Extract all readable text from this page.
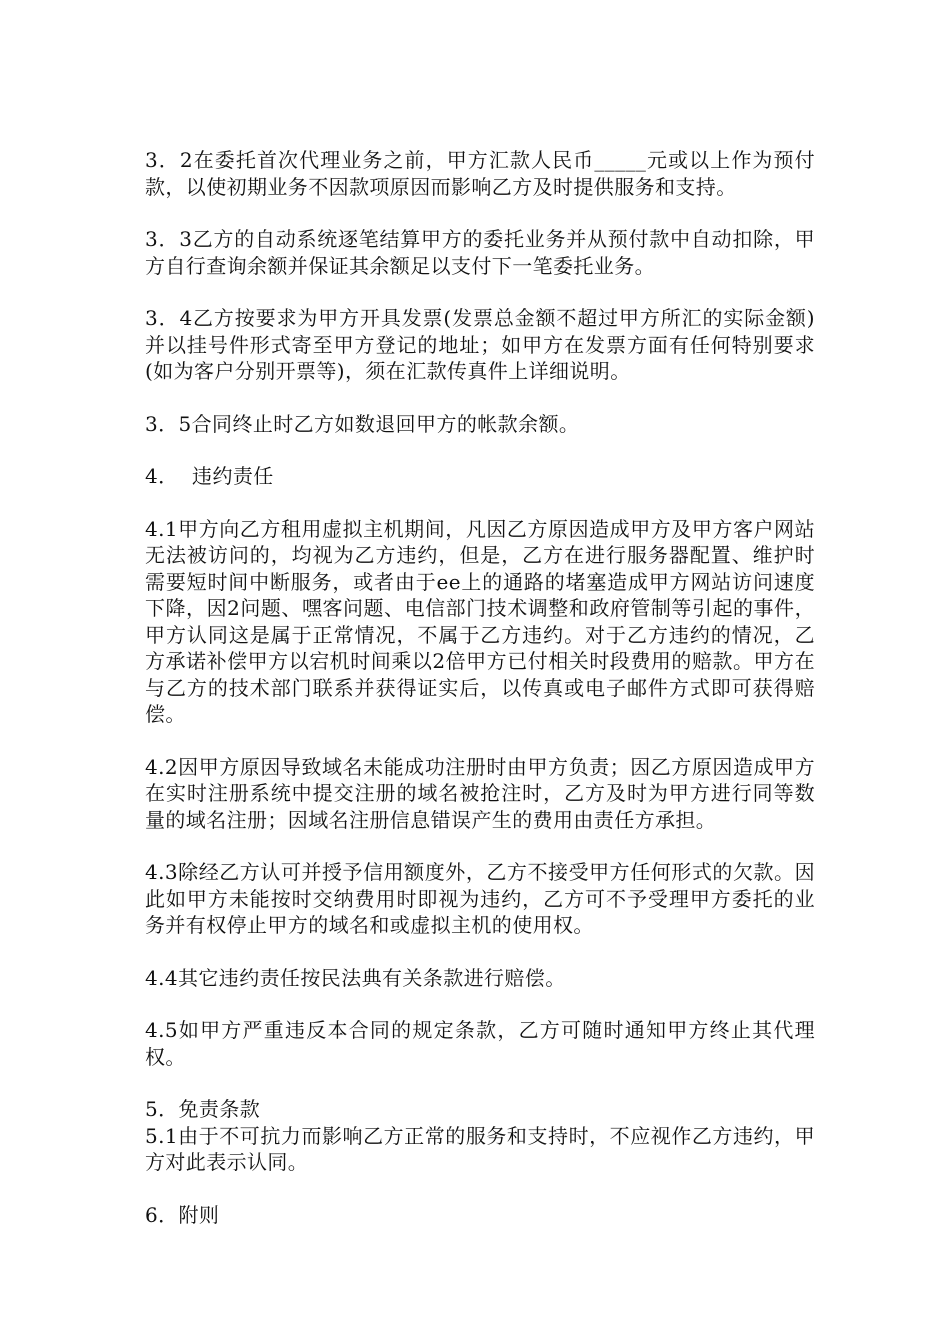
3．2在委托首次代理业务之前，甲方汇款人民币_____元或以上作为预付款，以使初期业务不因款项原因而影响乙方及时提供服务和支持。

3．3乙方的自动系统逐笔结算甲方的委托业务并从预付款中自动扣除，甲方自行查询余额并保证其余额足以支付下一笔委托业务。

3．4乙方按要求为甲方开具发票(发票总金额不超过甲方所汇的实际金额)并以挂号件形式寄至甲方登记的地址；如甲方在发票方面有任何特别要求(如为客户分别开票等)，须在汇款传真件上详细说明。

3．5合同终止时乙方如数退回甲方的帐款余额。

4．  违约责任

4.1甲方向乙方租用虚拟主机期间，凡因乙方原因造成甲方及甲方客户网站无法被访问的，均视为乙方违约，但是，乙方在进行服务器配置、维护时需要短时间中断服务，或者由于ee上的通路的堵塞造成甲方网站访问速度下降，因2问题、嘿客问题、电信部门技术调整和政府管制等引起的事件，甲方认同这是属于正常情况，不属于乙方违约。对于乙方违约的情况，乙方承诺补偿甲方以宕机时间乘以2倍甲方已付相关时段费用的赔款。甲方在与乙方的技术部门联系并获得证实后，以传真或电子邮件方式即可获得赔偿。

4.2因甲方原因导致域名未能成功注册时由甲方负责；因乙方原因造成甲方在实时注册系统中提交注册的域名被抢注时，乙方及时为甲方进行同等数量的域名注册；因域名注册信息错误产生的费用由责任方承担。

4.3除经乙方认可并授予信用额度外，乙方不接受甲方任何形式的欠款。因此如甲方未能按时交纳费用时即视为违约，乙方可不予受理甲方委托的业务并有权停止甲方的域名和或虚拟主机的使用权。

4.4其它违约责任按民法典有关条款进行赔偿。

4.5如甲方严重违反本合同的规定条款，乙方可随时通知甲方终止其代理权。

5．免责条款

5.1由于不可抗力而影响乙方正常的服务和支持时，不应视作乙方违约，甲方对此表示认同。

6．附则
